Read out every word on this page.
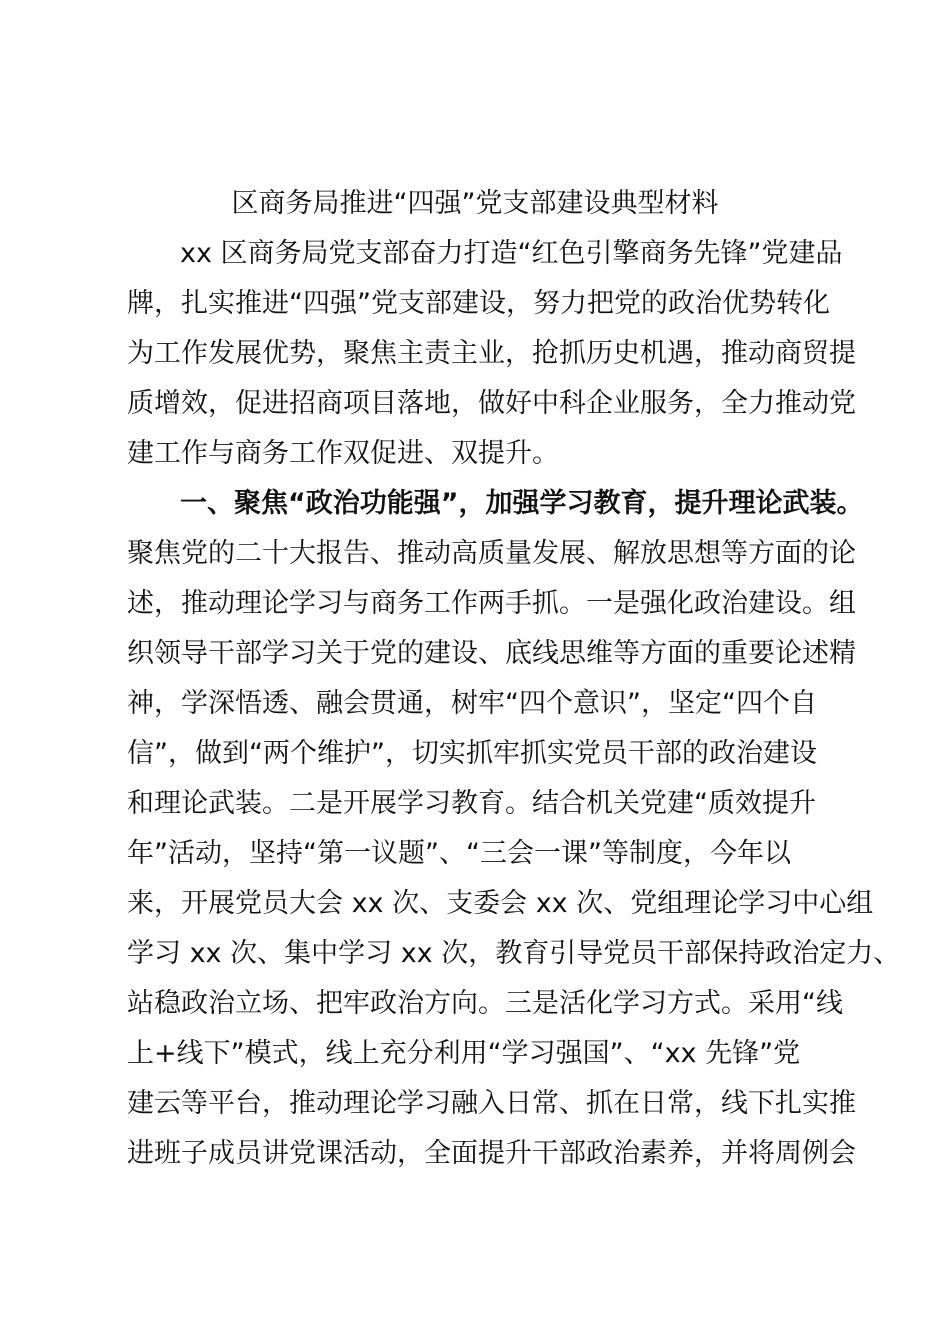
区商务局推进“四强”党支部建设典型材料
xx 区商务局党支部奋力打造“红色引擎商务先锋”党建品
牌，扎实推进“四强”党支部建设，努力把党的政治优势转化
为工作发展优势，聚焦主责主业，抢抓历史机遇，推动商贸提
质增效，促进招商项目落地，做好中科企业服务，全力推动党
建工作与商务工作双促进、双提升。
一、聚焦“政治功能强”，加强学习教育，提升理论武装。
聚焦党的二十大报告、推动高质量发展、解放思想等方面的论
述，推动理论学习与商务工作两手抓。一是强化政治建设。组
织领导干部学习关于党的建设、底线思维等方面的重要论述精
神，学深悟透、融会贯通，树牢“四个意识”，坚定“四个自
信”，做到“两个维护”，切实抓牢抓实党员干部的政治建设
和理论武装。二是开展学习教育。结合机关党建“质效提升
年”活动，坚持“第一议题”、“三会一课”等制度，今年以
来，开展党员大会 xx 次、支委会 xx 次、党组理论学习中心组
学习 xx 次、集中学习 xx 次，教育引导党员干部保持政治定力、
站稳政治立场、把牢政治方向。三是活化学习方式。采用“线
上+线下”模式，线上充分利用“学习强国”、“xx 先锋”党
建云等平台，推动理论学习融入日常、抓在日常，线下扎实推
进班子成员讲党课活动，全面提升干部政治素养，并将周例会
